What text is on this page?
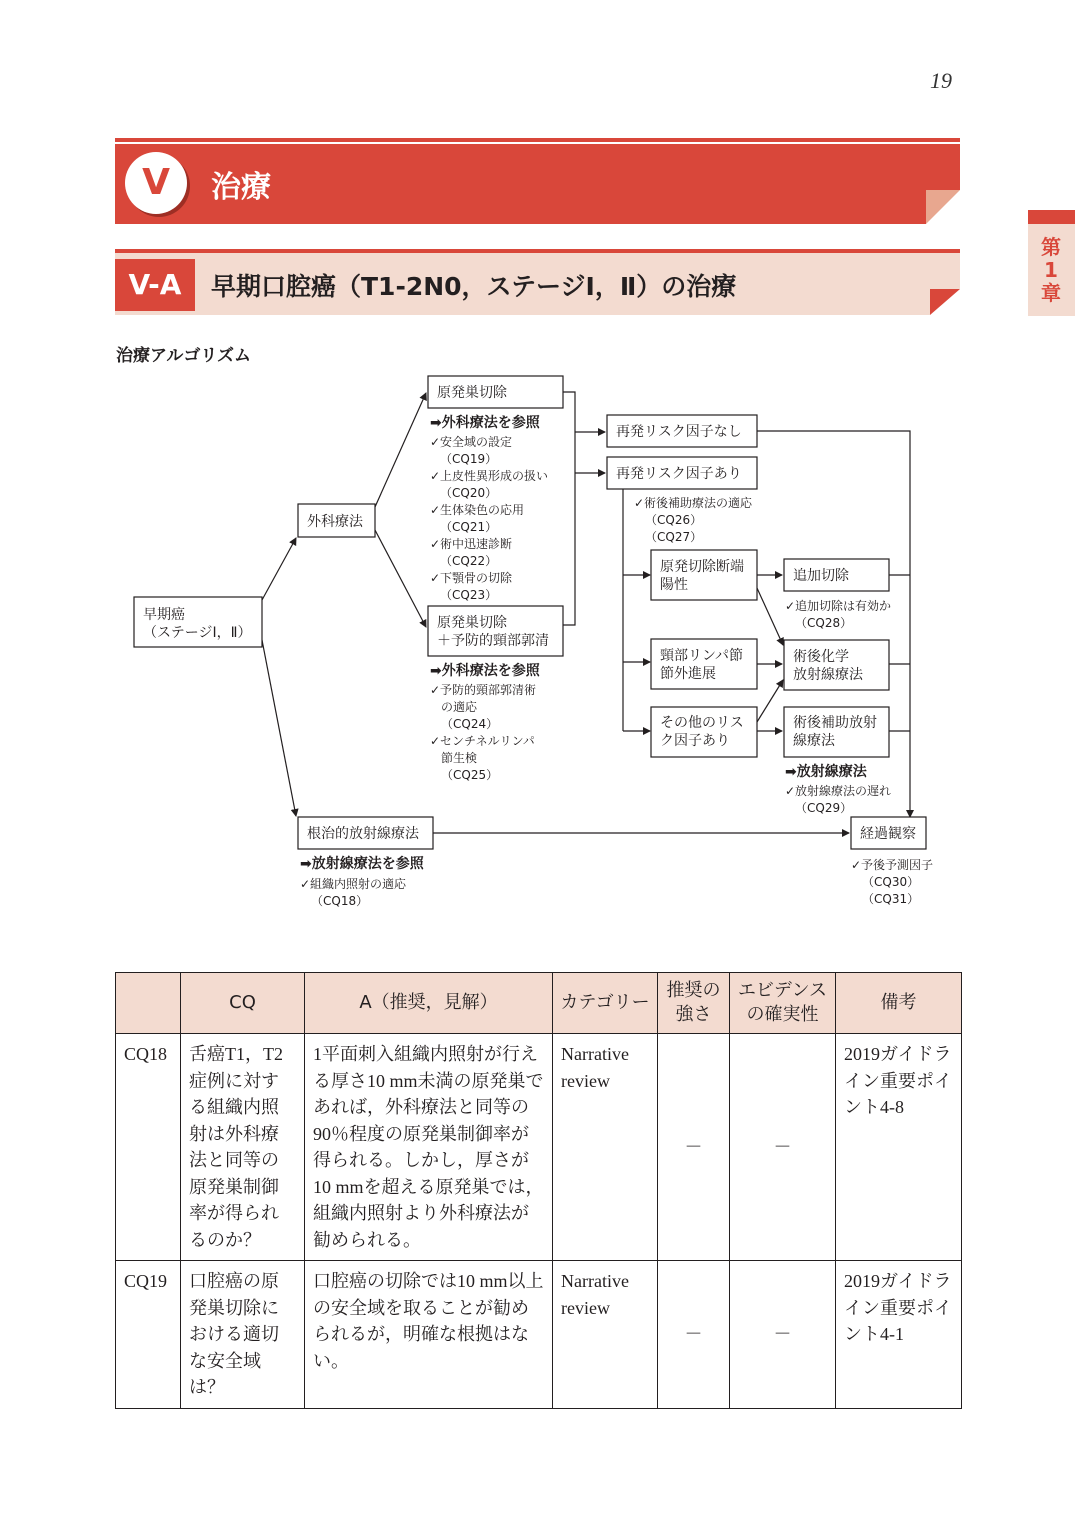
19
第1章
V	治療
V-A	早期口腔癌（T1-2N0，ステージⅠ，Ⅱ）の治療
治療アルゴリズム
早期癌
（ステージⅠ，Ⅱ）
外科療法
原発巣切除
原発巣切除
＋予防的頸部郭清
再発リスク因子なし
再発リスク因子あり
原発切除断端
陽性
追加切除
頸部リンパ節
節外進展
術後化学
放射線療法
その他のリス
ク因子あり
術後補助放射
線療法
根治的放射線療法	経過観察
➡外科療法を参照
✓安全域の設定
（CQ19）
✓上皮性異形成の扱い
（CQ20）
✓生体染色の応用
（CQ21）
✓術中迅速診断
（CQ22）
✓下顎骨の切除
（CQ23）
➡外科療法を参照
✓予防的頸部郭清術
の適応
（CQ24）
✓センチネルリンパ
節生検
（CQ25）
✓術後補助療法の適応
（CQ26）
（CQ27）
✓追加切除は有効か
（CQ28）
➡放射線療法
✓放射線療法の遅れ
（CQ29）
➡放射線療法を参照
✓組織内照射の適応
（CQ18）
✓予後予測因子
（CQ30）
（CQ31）
	CQ	A（推奨，見解）	カテゴリー	推奨の強さ	エビデンスの確実性	備考
CQ18	舌癌T1，T2症例に対する組織内照射は外科療法と同等の原発巣制御率が得られるのか？	1平面刺入組織内照射が行える厚さ10 mm未満の原発巣であれば，外科療法と同等の90％程度の原発巣制御率が得られる。しかし，厚さが10 mmを超える原発巣では，組織内照射より外科療法が勧められる。	Narrative review	－	－	2019ガイドライン重要ポイント4-8
CQ19	口腔癌の原発巣切除における適切な安全域は？	口腔癌の切除では10 mm以上の安全域を取ることが勧められるが，明確な根拠はない。	Narrative review	－	－	2019ガイドライン重要ポイント4-1
